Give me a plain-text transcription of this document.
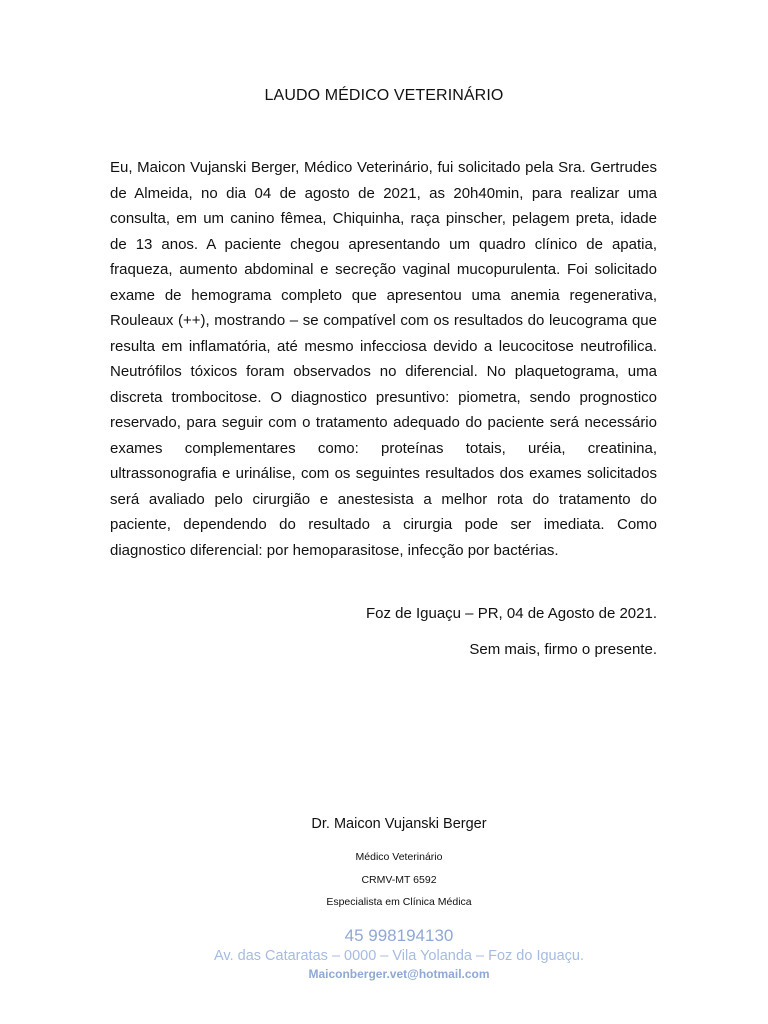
LAUDO MÉDICO VETERINÁRIO
Eu, Maicon Vujanski Berger, Médico Veterinário, fui solicitado pela Sra. Gertrudes de Almeida, no dia 04 de agosto de 2021, as 20h40min, para realizar uma consulta, em um canino fêmea, Chiquinha, raça pinscher, pelagem preta, idade de 13 anos. A paciente chegou apresentando um quadro clínico de apatia, fraqueza, aumento abdominal e secreção vaginal mucopurulenta. Foi solicitado exame de hemograma completo que apresentou uma anemia regenerativa, Rouleaux (++), mostrando – se compatível com os resultados do leucograma que resulta em inflamatória, até mesmo infecciosa devido a leucocitose neutrofilica. Neutrófilos tóxicos foram observados no diferencial. No plaquetograma, uma discreta trombocitose. O diagnostico presuntivo: piometra, sendo prognostico reservado, para seguir com o tratamento adequado do paciente será necessário exames complementares como: proteínas totais, uréia, creatinina, ultrassonografia e urinálise, com os seguintes resultados dos exames solicitados será avaliado pelo cirurgião e anestesista a melhor rota do tratamento do paciente, dependendo do resultado a cirurgia pode ser imediata. Como diagnostico diferencial: por hemoparasitose, infecção por bactérias.
Foz de Iguaçu – PR, 04 de Agosto de 2021.
Sem mais, firmo o presente.
Dr. Maicon Vujanski Berger
Médico Veterinário
CRMV-MT 6592
Especialista em Clínica Médica
45 998194130
Av. das Cataratas – 0000 – Vila Yolanda – Foz do Iguaçu.
Maiconberger.vet@hotmail.com
